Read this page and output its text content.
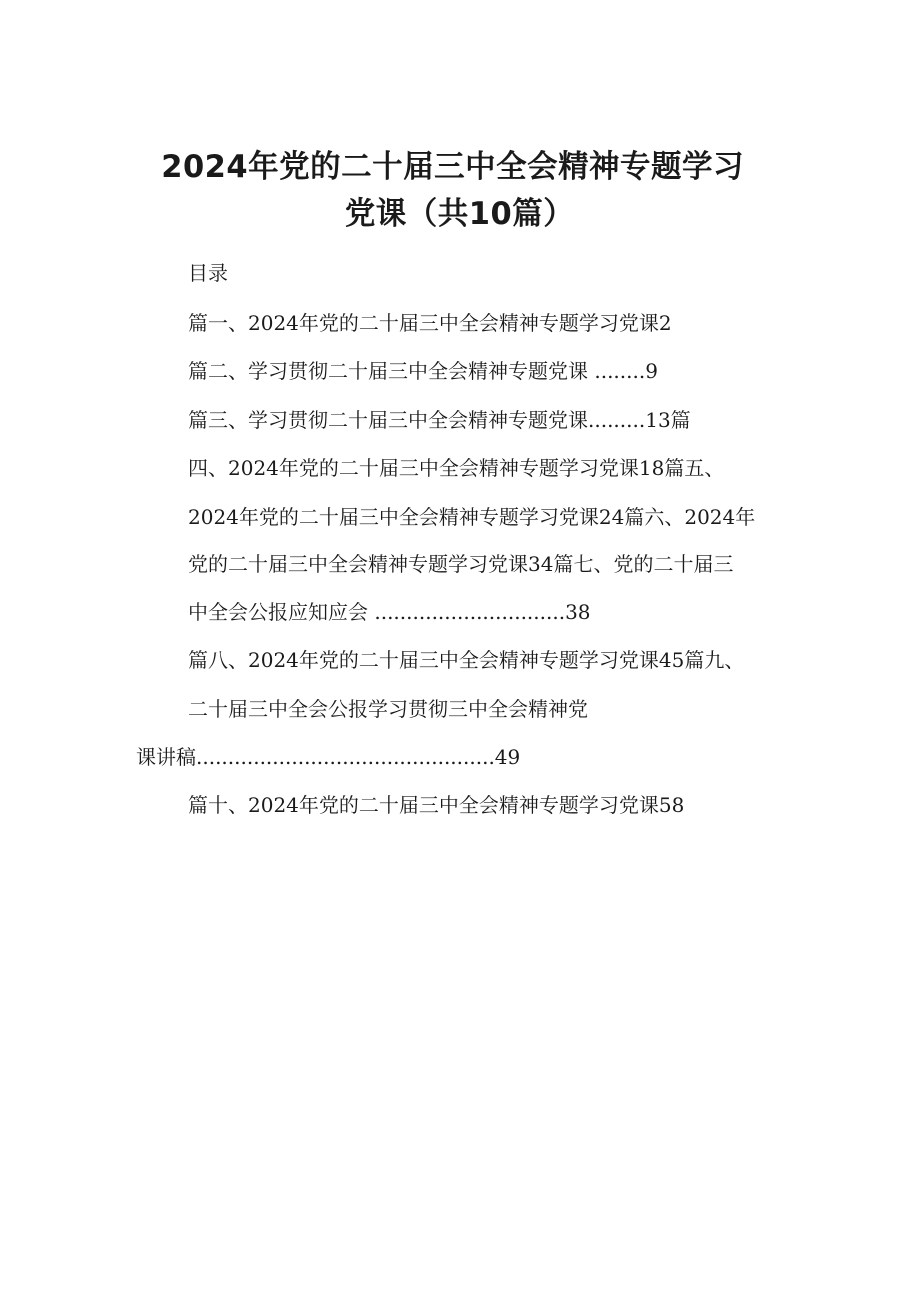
2024年党的二十届三中全会精神专题学习
党课（共10篇）
目录
篇一、2024年党的二十届三中全会精神专题学习党课2
篇二、学习贯彻二十届三中全会精神专题党课 ........9
篇三、学习贯彻二十届三中全会精神专题党课.........13篇
四、2024年党的二十届三中全会精神专题学习党课18篇五、
2024年党的二十届三中全会精神专题学习党课24篇六、2024年
党的二十届三中全会精神专题学习党课34篇七、党的二十届三
中全会公报应知应会 ..............................38
篇八、2024年党的二十届三中全会精神专题学习党课45篇九、
二十届三中全会公报学习贯彻三中全会精神党
课讲稿...............................................49
篇十、2024年党的二十届三中全会精神专题学习党课58
